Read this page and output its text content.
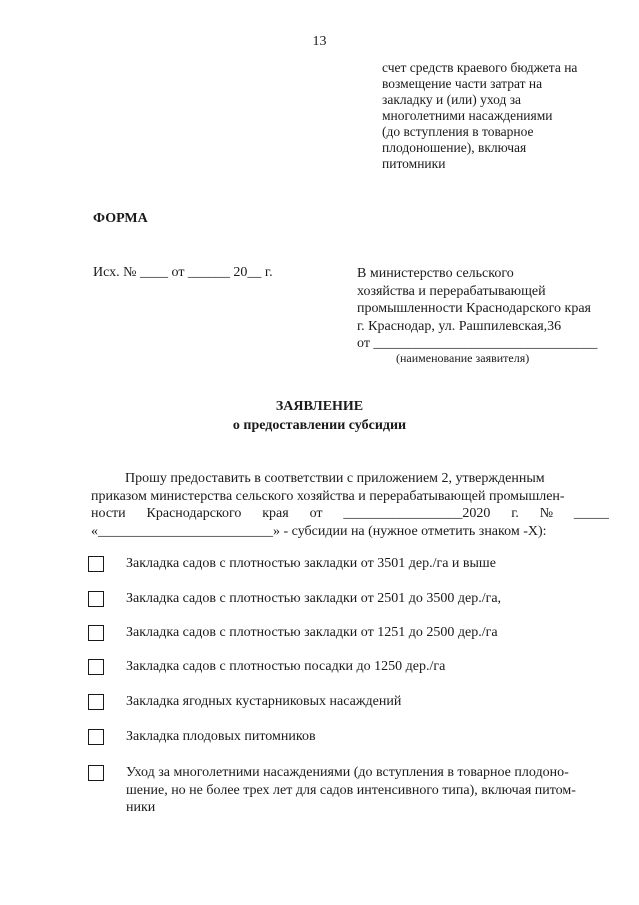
13
счет средств краевого бюджета на
возмещение части затрат на
закладку и (или) уход за
многолетними насаждениями
(до вступления в товарное
плодоношение), включая
питомники
ФОРМА
Исх. № ____ от ______ 20__ г.	В министерство сельского
хозяйства и перерабатывающей
промышленности Краснодарского края
г. Краснодар, ул. Рашпилевская,36
от ________________________________
(наименование заявителя)
ЗАЯВЛЕНИЕ
о предоставлении субсидии
Прошу предоставить в соответствии с приложением 2, утвержденным
приказом министерства сельского хозяйства и перерабатывающей промышлен-
ности Краснодарского края от _________________2020 г. № _____
«_________________________» - субсидии на (нужное отметить знаком -X):
Закладка садов с плотностью закладки от 3501 дер./га и выше
Закладка садов с плотностью закладки от 2501 до 3500 дер./га,
Закладка садов с плотностью закладки от 1251 до 2500 дер./га
Закладка садов с плотностью посадки до 1250 дер./га
Закладка ягодных кустарниковых насаждений
Закладка плодовых питомников
Уход за многолетними насаждениями (до вступления в товарное плодоно-
шение, но не более трех лет для садов интенсивного типа), включая питом-
ники
